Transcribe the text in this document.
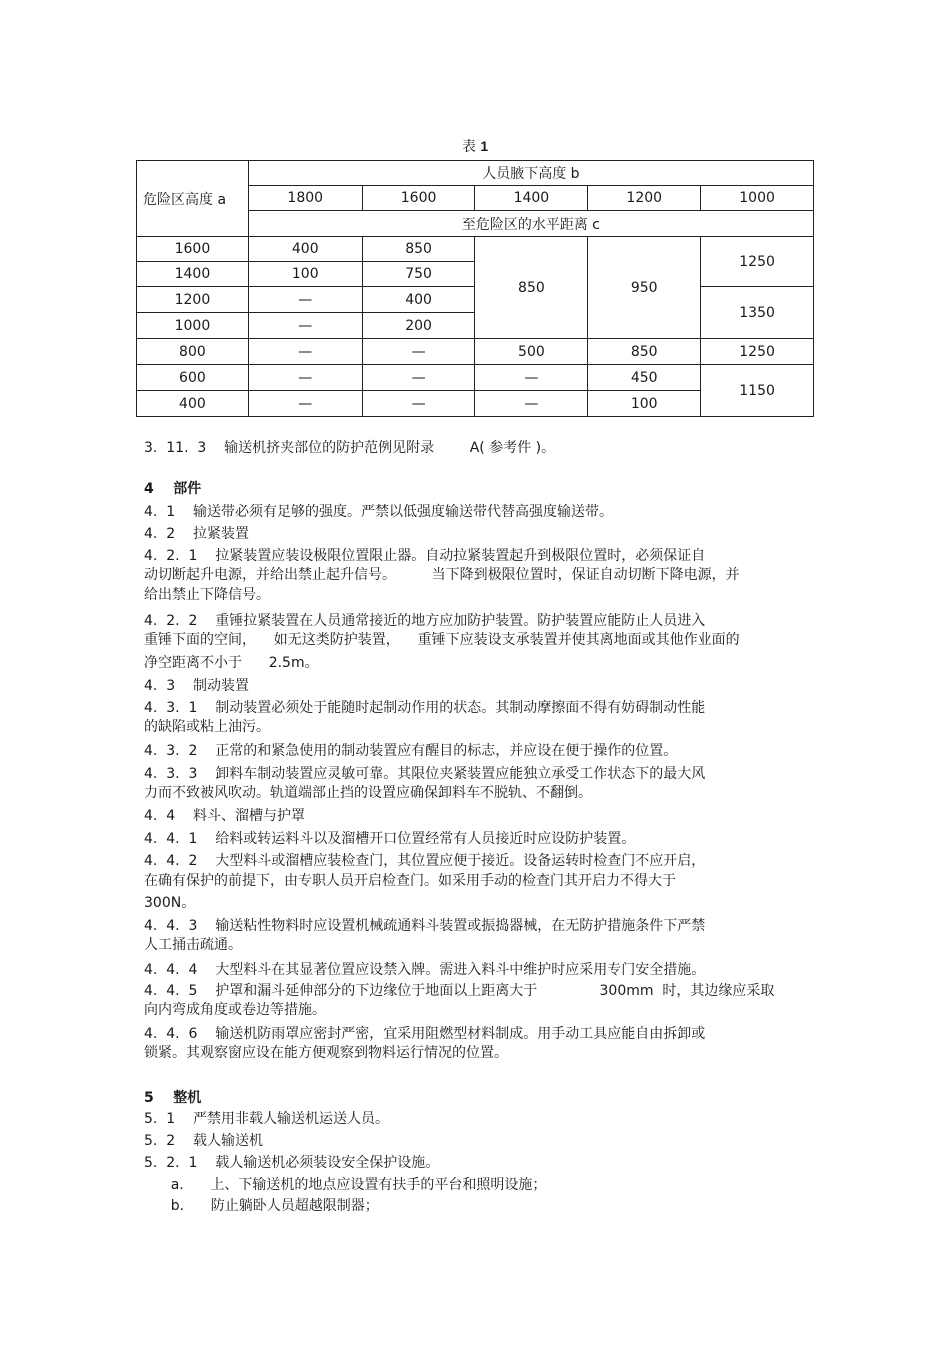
表 1
危险区高度 a	人员腋下高度 b				
	1800	1600	1400	1200	1000
	至危险区的水平距离 c				
1600	400	850	850	950	1250
1400	100	750			
1200	—	400			1350
1000	—	200			
800	—	—	500	850	1250
600	—	—	—	450	1150
400	—	—	—	100	
3.  11.  3    输送机挤夹部位的防护范例见附录        A( 参考件 )。
4    部件
4.  1    输送带必须有足够的强度。严禁以低强度输送带代替高强度输送带。
4.  2    拉紧装置
4.  2.  1    拉紧装置应装设极限位置限止器。自动拉紧装置起升到极限位置时，必须保证自
动切断起升电源，并给出禁止起升信号。        当下降到极限位置时，保证自动切断下降电源，并
给出禁止下降信号。
4.  2.  2    重锤拉紧装置在人员通常接近的地方应加防护装置。防护装置应能防止人员进入
重锤下面的空间，    如无这类防护装置，    重锤下应装设支承装置并使其离地面或其他作业面的
净空距离不小于      2.5m。
4.  3    制动装置
4.  3.  1    制动装置必须处于能随时起制动作用的状态。其制动摩擦面不得有妨碍制动性能
的缺陷或粘上油污。
4.  3.  2    正常的和紧急使用的制动装置应有醒目的标志，并应设在便于操作的位置。
4.  3.  3    卸料车制动装置应灵敏可靠。其限位夹紧装置应能独立承受工作状态下的最大风
力而不致被风吹动。轨道端部止挡的设置应确保卸料车不脱轨、不翻倒。
4.  4    料斗、溜槽与护罩
4.  4.  1    给料或转运料斗以及溜槽开口位置经常有人员接近时应设防护装置。
4.  4.  2    大型料斗或溜槽应装检查门，其位置应便于接近。设备运转时检查门不应开启，
在确有保护的前提下，由专职人员开启检查门。如采用手动的检查门其开启力不得大于
300N。
4.  4.  3    输送粘性物料时应设置机械疏通料斗装置或振捣器械，在无防护措施条件下严禁
人工捅击疏通。
4.  4.  4    大型料斗在其显著位置应设禁入牌。需进入料斗中维护时应采用专门安全措施。
4.  4.  5    护罩和漏斗延伸部分的下边缘位于地面以上距离大于              300mm  时，其边缘应采取
向内弯成角度或卷边等措施。
4.  4.  6    输送机防雨罩应密封严密，宜采用阻燃型材料制成。用手动工具应能自由拆卸或
锁紧。其观察窗应设在能方便观察到物料运行情况的位置。
5    整机
5.  1    严禁用非载人输送机运送人员。
5.  2    载人输送机
5.  2.  1    载人输送机必须装设安全保护设施。
a.      上、下输送机的地点应设置有扶手的平台和照明设施；
b.      防止躺卧人员超越限制器；
